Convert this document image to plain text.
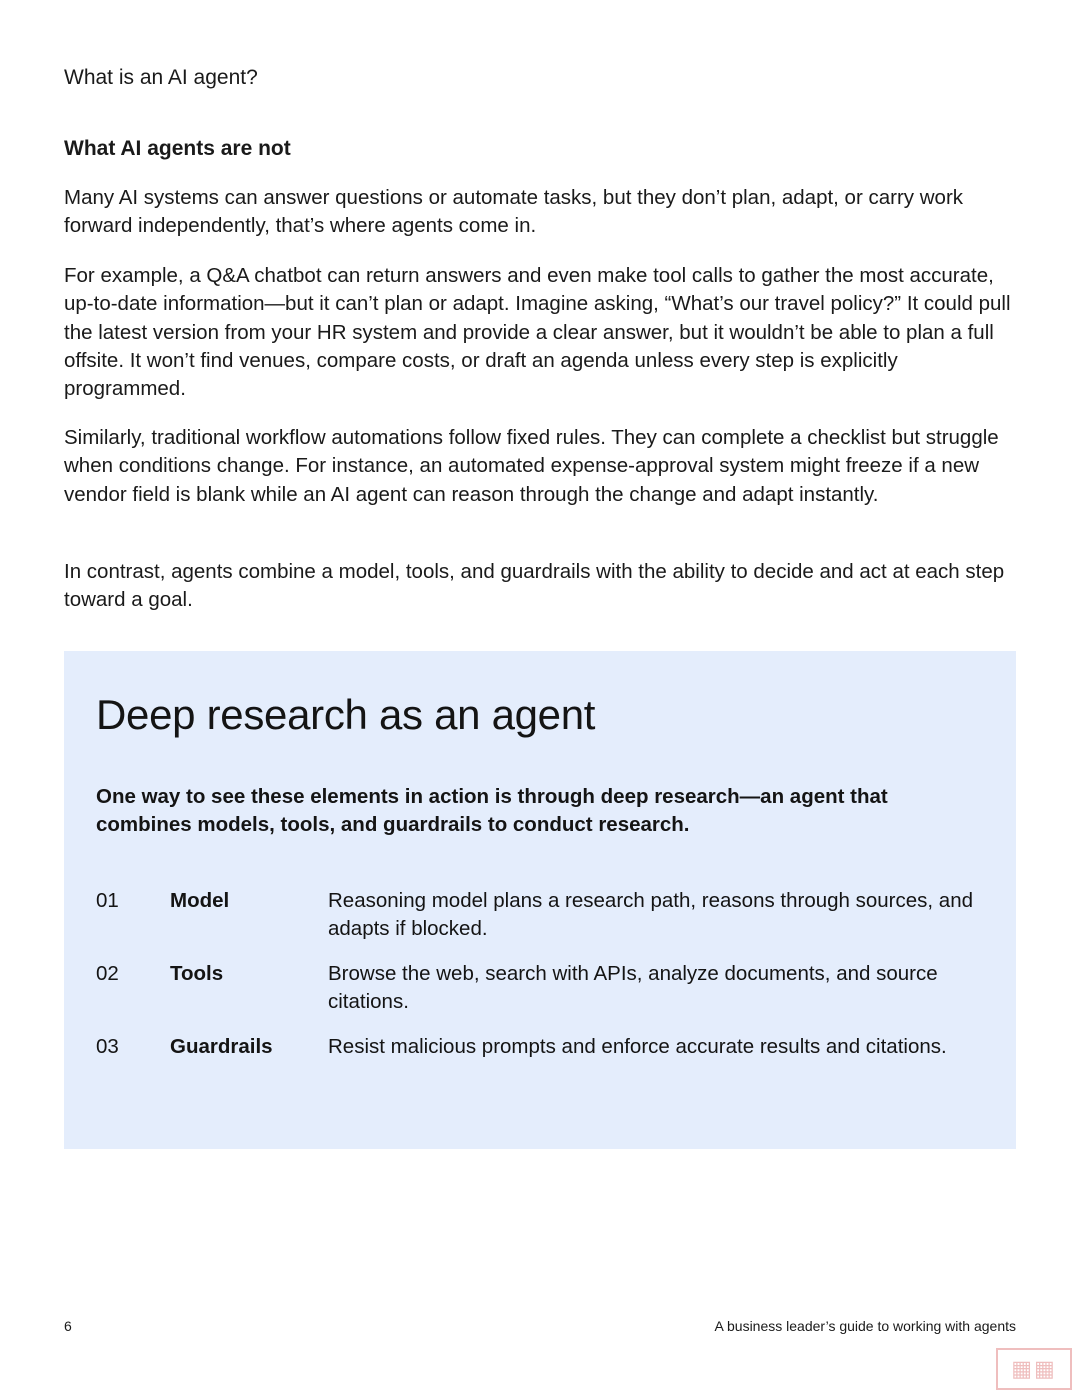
What is an AI agent?
What AI agents are not

Many AI systems can answer questions or automate tasks, but they don’t plan, adapt, or carry work forward independently, that’s where agents come in.

For example, a Q&A chatbot can return answers and even make tool calls to gather the most accurate, up-to-date information—but it can’t plan or adapt. Imagine asking, “What’s our travel policy?” It could pull the latest version from your HR system and provide a clear answer, but it wouldn’t be able to plan a full offsite. It won’t find venues, compare costs, or draft an agenda unless every step is explicitly programmed.

Similarly, traditional workflow automations follow fixed rules. They can complete a checklist but struggle when conditions change. For instance, an automated expense-approval system might freeze if a new vendor field is blank while an AI agent can reason through the change and adapt instantly.

In contrast, agents combine a model, tools, and guardrails with the ability to decide and act at each step toward a goal.

Deep research as an agent
One way to see these elements in action is through deep research—an agent that combines models, tools, and guardrails to conduct research.
01 Model	Reasoning model plans a research path, reasons through sources, and adapts if blocked.
02 Tools	Browse the web, search with APIs, analyze documents, and source citations.
03 Guardrails	Resist malicious prompts and enforce accurate results and citations.
6	A business leader’s guide to working with agents
▦▦
